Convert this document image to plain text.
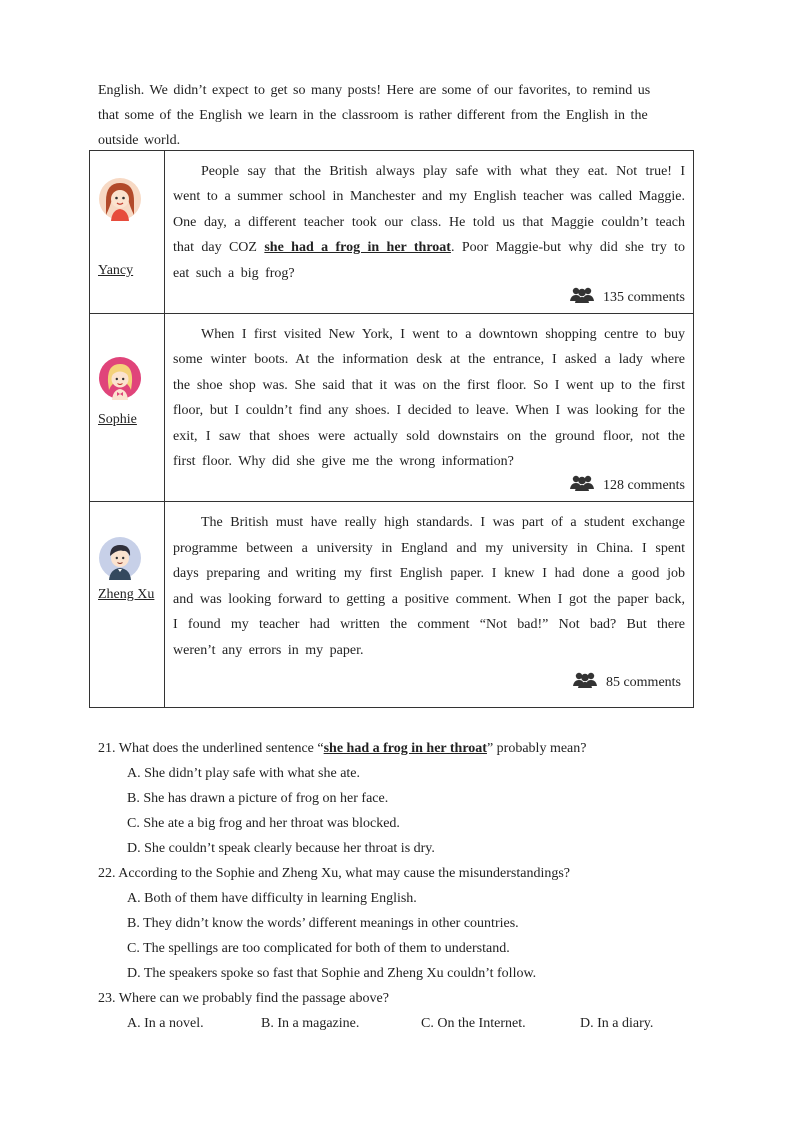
English. We didn’t expect to get so many posts! Here are some of our favorites, to remind us
that some of the English we learn in the classroom is rather different from the English in the
outside world.
Yancy	People say that the British always play safe with what they eat. Not true! I went to a summer school in Manchester and my English teacher was called Maggie. One day, a different teacher took our class. He told us that Maggie couldn’t teach that day COZ she had a frog in her throat. Poor Maggie-but why did she try to eat such a big frog?
135 comments

Sophie	When I first visited New York, I went to a downtown shopping centre to buy some winter boots. At the information desk at the entrance, I asked a lady where the shoe shop was. She said that it was on the first floor. So I went up to the first floor, but I couldn’t find any shoes. I decided to leave. When I was looking for the exit, I saw that shoes were actually sold downstairs on the ground floor, not the first floor. Why did she give me the wrong information?
128 comments

Zheng Xu	The British must have really high standards. I was part of a student exchange programme between a university in England and my university in China. I spent days preparing and writing my first English paper. I knew I had done a good job and was looking forward to getting a positive comment. When I got the paper back, I found my teacher had written the comment “Not bad!” Not bad? But there weren’t any errors in my paper.
85 comments
21. What does the underlined sentence “she had a frog in her throat” probably mean?
A. She didn’t play safe with what she ate.
B. She has drawn a picture of frog on her face.
C. She ate a big frog and her throat was blocked.
D. She couldn’t speak clearly because her throat is dry.
22. According to the Sophie and Zheng Xu, what may cause the misunderstandings?
A. Both of them have difficulty in learning English.
B. They didn’t know the words’ different meanings in other countries.
C. The spellings are too complicated for both of them to understand.
D. The speakers spoke so fast that Sophie and Zheng Xu couldn’t follow.
23. Where can we probably find the passage above?
A. In a novel.	B. In a magazine.	C. On the Internet.	D. In a diary.
